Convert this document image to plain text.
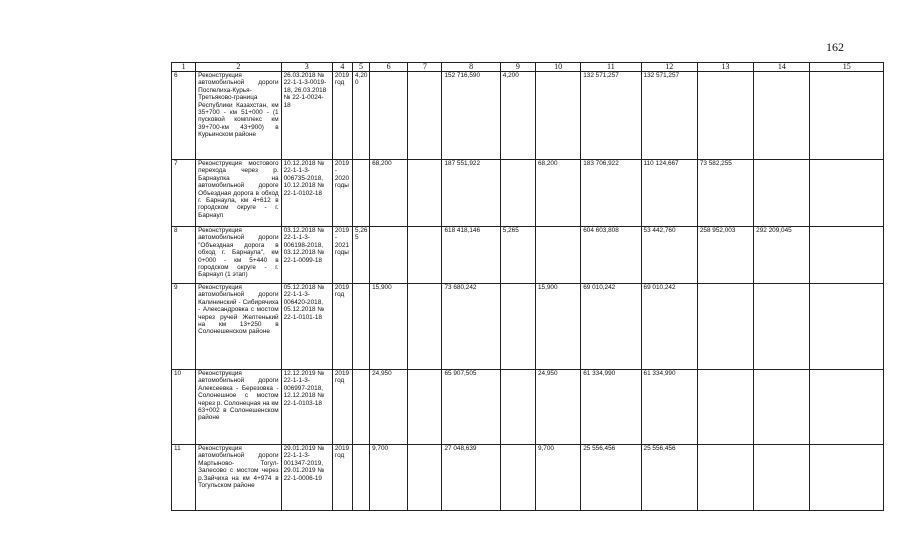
162
1	2	3	4	5	6	7	8	9	10	11	12	13	14	15
6	Реконструкция автомобильной дороги Поспелиха-Курья-Третьяково-граница Республики Казахстан, км 35+700 - км 51+000 - (1 пусковой комплекс км 39+700-км 43+900) в Курьинском районе	26.03.2018 № 22-1-1-3-0019-18, 26.03.2018 № 22-1-0024-18	2019 год	4,20 0			152 716,590	4,200		132 571,257	132 571,257			
7	Реконструкция мостового перехода через р. Барнаулка на автомобильной дороге Объездная дорога в обход г. Барнаула, км 4+612 в городском округе - г. Барнаул	10.12.2018 № 22-1-1-3-006735-2018, 10.12.2018 № 22-1-0102-18	2019 - 2020 годы		68,200		187 551,922		68,200	183 706,922	110 124,667	73 582,255		
8	Реконструкция автомобильной дороги "Объездная дорога в обход г. Барнаула", км 0+000 - км 5+440 в городском округе - г. Барнаул (1 этап)	03.12.2018 № 22-1-1-3-006198-2018, 03.12.2018 № 22-1-0099-18	2019 - 2021 годы	5,26 5			618 418,146	5,265		604 603,808	53 442,760	258 952,003	292 209,045	
9	Реконструкция автомобильной дороги Калининский - Сибирячиха - Александровка с мостом через ручей Желтенький на км 13+250 в Солонешенском районе	05.12.2018 № 22-1-1-3-006420-2018, 05.12.2018 № 22-1-0101-18	2019 год		15,900		73 680,242		15,900	69 010,242	69 010,242			
10	Реконструкция автомобильной дороги Алексеевка - Березовка - Солонешное с мостом через р. Солонецная на км 63+002 в Солонешенском районе	12.12.2019 № 22-1-1-3-006997-2018, 12.12.2018 № 22-1-0103-18	2019 год		24,950		65 907,505		24,950	61 334,990	61 334,990			
11	Реконструкция автомобильной дороги Мартыново- Тогул-Залесово с мостом через р.Зайчиха на км 4+974 в Тогульском районе	29.01.2019 № 22-1-1-3-001347-2019, 29.01.2019 № 22-1-0006-19	2019 год		9,700		27 048,639		9,700	25 556,456	25 556,456			
